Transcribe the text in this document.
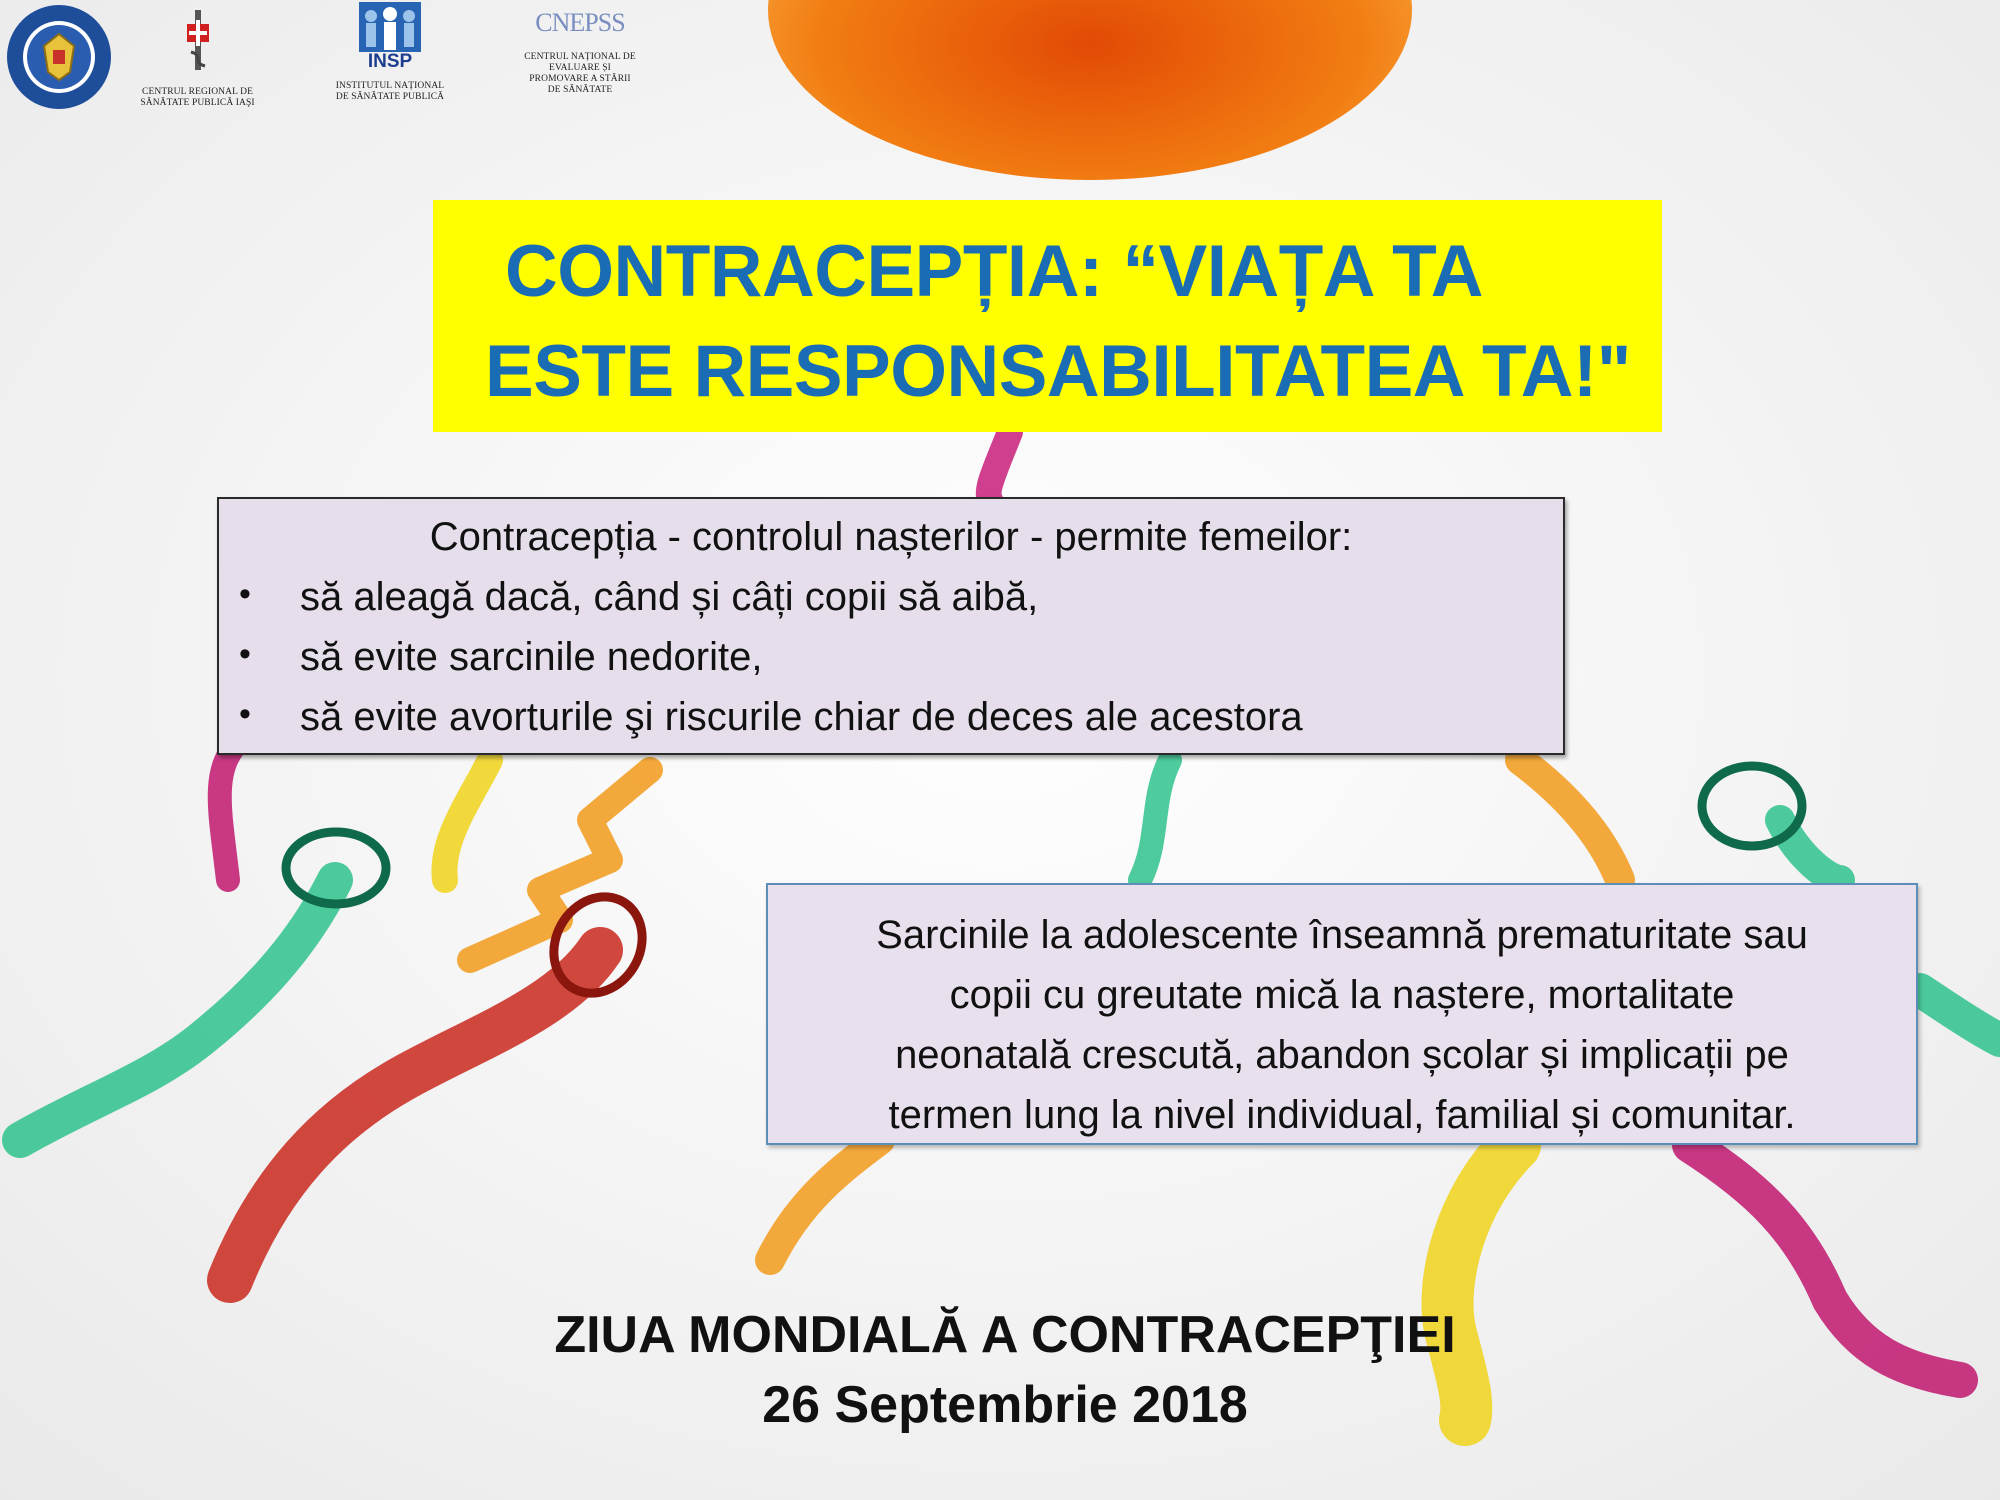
CENTRUL REGIONAL DE
SĂNĂTATE PUBLICĂ IAŞI
INSP
INSTITUTUL NAȚIONAL
DE SĂNĂTATE PUBLICĂ
CNEPSS
CENTRUL NAȚIONAL DE
EVALUARE ȘI
PROMOVARE A STĂRII
DE SĂNĂTATE
CONTRACEPȚIA: “VIAȚA TA
ESTE RESPONSABILITATEA TA!"
Contracepția - controlul nașterilor - permite femeilor:
• să aleagă dacă, când și câți copii să aibă,
• să evite sarcinile nedorite,
• să evite avorturile şi riscurile chiar de deces ale acestora

Sarcinile la adolescente înseamnă prematuritate sau
copii cu greutate mică la naștere, mortalitate
neonatală crescută, abandon școlar și implicații pe
termen lung la nivel individual, familial și comunitar.

ZIUA MONDIALĂ A CONTRACEPŢIEI
26 Septembrie 2018
